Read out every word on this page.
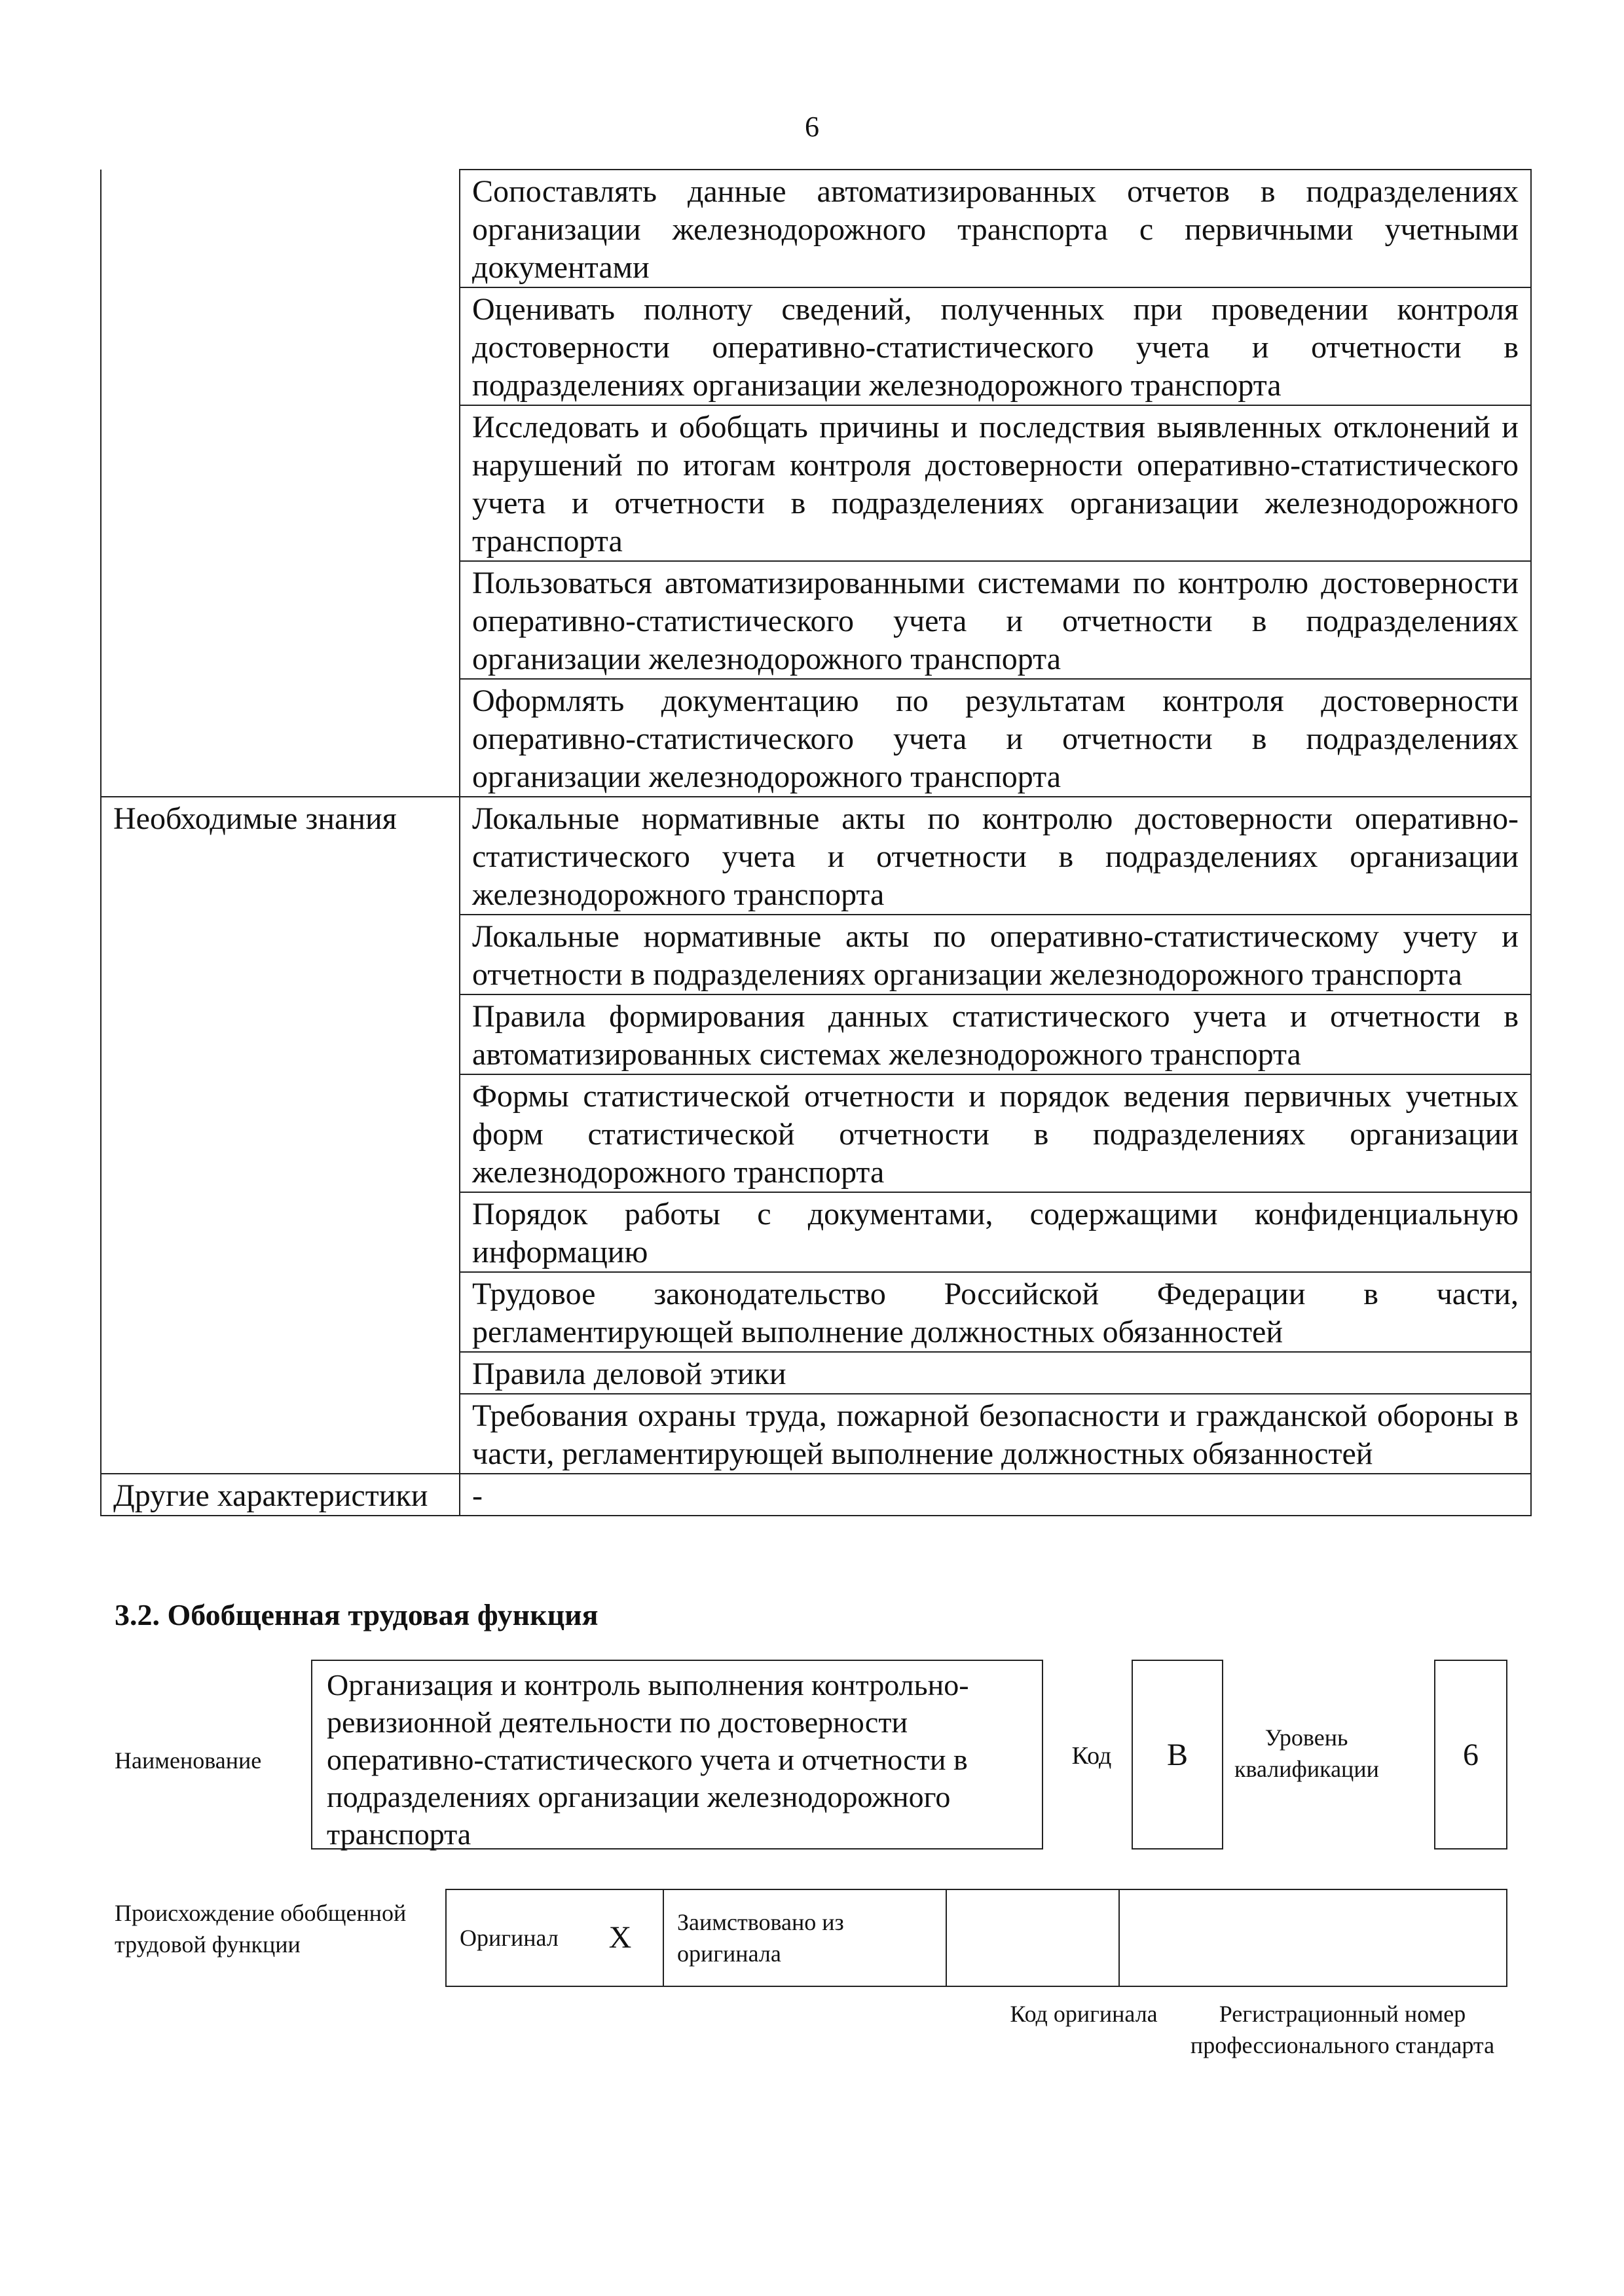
6
	Сопоставлять данные автоматизированных отчетов в подразделениях организации железнодорожного транспорта с первичными учетными документами
	Оценивать полноту сведений, полученных при проведении контроля достоверности оперативно-статистического учета и отчетности в подразделениях организации железнодорожного транспорта
	Исследовать и обобщать причины и последствия выявленных отклонений и нарушений по итогам контроля достоверности оперативно-статистического учета и отчетности в подразделениях организации железнодорожного транспорта
	Пользоваться автоматизированными системами по контролю достоверности оперативно-статистического учета и отчетности в подразделениях организации железнодорожного транспорта
	Оформлять документацию по результатам контроля достоверности оперативно-статистического учета и отчетности в подразделениях организации железнодорожного транспорта
Необходимые знания	Локальные нормативные акты по контролю достоверности оперативно-статистического учета и отчетности в подразделениях организации железнодорожного транспорта
	Локальные нормативные акты по оперативно-статистическому учету и отчетности в подразделениях организации железнодорожного транспорта
	Правила формирования данных статистического учета и отчетности в автоматизированных системах железнодорожного транспорта
	Формы статистической отчетности и порядок ведения первичных учетных форм статистической отчетности в подразделениях организации железнодорожного транспорта
	Порядок работы с документами, содержащими конфиденциальную информацию
	Трудовое законодательство Российской Федерации в части, регламентирующей выполнение должностных обязанностей
	Правила деловой этики
	Требования охраны труда, пожарной безопасности и гражданской обороны в части, регламентирующей выполнение должностных обязанностей
Другие характеристики	-
3.2. Обобщенная трудовая функция
Наименование
Организация и контроль выполнения контрольно-ревизионной деятельности по достоверности оперативно-статистического учета и отчетности в подразделениях организации железнодорожного транспорта
Код	B	Уровень квалификации	6
Происхождение обобщенной трудовой функции	Оригинал	X	Заимствовано из оригинала		
Код оригинала	Регистрационный номер профессионального стандарта
